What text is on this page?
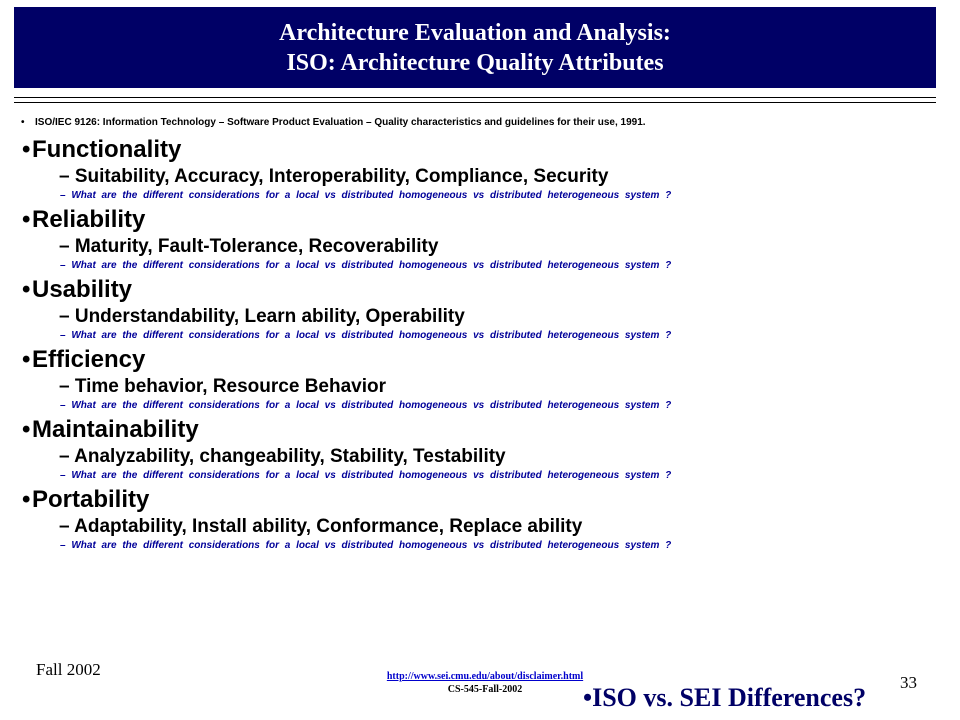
Architecture Evaluation and Analysis:
ISO: Architecture Quality Attributes
• ISO/IEC 9126: Information Technology – Software Product Evaluation – Quality characteristics and guidelines for their use, 1991.
•Functionality
– Suitability, Accuracy, Interoperability, Compliance, Security
– What are the different considerations for a local vs distributed homogeneous vs distributed heterogeneous system ?
•Reliability
– Maturity, Fault-Tolerance, Recoverability
– What are the different considerations for a local vs distributed homogeneous vs distributed heterogeneous system ?
•Usability
– Understandability, Learn ability, Operability
– What are the different considerations for a local vs distributed homogeneous vs distributed heterogeneous system ?
•Efficiency
– Time behavior, Resource Behavior
– What are the different considerations for a local vs distributed homogeneous vs distributed heterogeneous system ?
•Maintainability
– Analyzability, changeability, Stability, Testability
– What are the different considerations for a local vs distributed homogeneous vs distributed heterogeneous system ?
•Portability
– Adaptability, Install ability, Conformance, Replace ability
– What are the different considerations for a local vs distributed homogeneous vs distributed heterogeneous system ?
Fall 2002	http://www.sei.cmu.edu/about/disclaimer.html
CS-545-Fall-2002	33
•ISO vs. SEI Differences?
